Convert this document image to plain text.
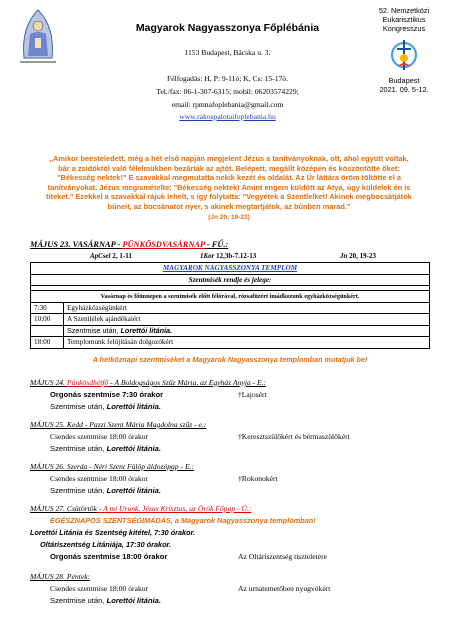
Magyarok Nagyasszonya Főplébánia
1153 Budapest, Bácska u. 3.
Félfogadás: H, P: 9-11ó; K, Cs: 15-17ó.
Tel./fax: 06-1-307-6315; mobil: 06203574229;
email: rpmnafoplebania@gmail.com
www.rakospalotaifoplebania.hu
52. Nemzetközi
Eukarisztikus
Kongresszus
Budapest
2021. 09. 5-12.
„Amikor beesteledett, még a hét első napján megjelent Jézus a tanítványoknak, ott, ahol együtt voltak, bár a zsidóktól való félelmükben bezárták az ajtót. Belépett, megállt középen és köszöntötte őket: "Békesség nektek!" E szavakkal megmutatta nekik kezét és oldalát. Az Úr láttára öröm töltötte el a tanítványokat. Jézus megismételte: "Békesség nektek! Amint engem küldött az Atya, úgy küldelek én is titeket." Ezekkel a szavakkal rájuk lehelt, s így folytatta: "Vegyétek a Szentlelket! Akinek megbocsátjátok bűneit, az bocsánatot nyer, s akinek megtartjátok, az bűnben marad."
(Jn 20, 19-23)
MÁJUS 23. VASÁRNAP - PÜNKÖSDVASÁRNAP - FŰ.:
ApCsel 2, 1-11	1Kor 12,3b-7.12-13	Jn 20, 19-23
MAGYAROK NAGYASSZONYA TEMPLOM	
Szentmisék rendje és jelege:	

Vasárnap és főünnepen a szentmisék előtt félórával, rózsafüzért imádkozunk egyházközségünkért.	
7:30	Egyházközségünkért
10:00	A Szentlélek ajándékaiért
	Szentmise után, Lorettói litánia.
18:00	Templomunk felújításán dolgozókért
A hétköznapi szentmiséket a Magyarok Nagyasszonya templomban mutatjuk be!
MÁJUS 24. Pünkösdhétfő - A Boldogságos Szűz Mária, az Egyház Anyja - E.:
Orgonás szentmise 7:30 órakor	†Lajosért
Szentmise után, Lorettói litánia.
MÁJUS 25. Kedd - Pazzi Szent Mária Magdolna szűz - e.:
Csendes szentmise 18:00 órakor	†Keresztszülőkért és bérmaszülőkért
Szentmise után, Lorettói litánia.
MÁJUS 26. Szerda - Néri Szent Fülöp áldozópap - E.:
Csendes szentmise 18:00 órakor	†Rokonokért
Szentmise után, Lorettói litánia.
MÁJUS 27. Csütörtök - A mi Urunk, Jézus Krisztus, az Örök Főpap - Ü.:
EGÉSZNAPOS SZENTSÉGIMÁDÁS, a Magyarok Nagyasszonya templomban!
Lorettói Litánia és Szentség kitétel, 7:30 órakor.
Oltáriszentség Litániája, 17:30 órakor.
Orgonás szentmise 18:00 órakor	Az Oltáriszentség tiszteletére
MÁJUS 28. Péntek:
Csendes szentmise 18:00 órakor	Az urnatemetőben nyugvókért
Szentmise után, Lorettói litánia.
